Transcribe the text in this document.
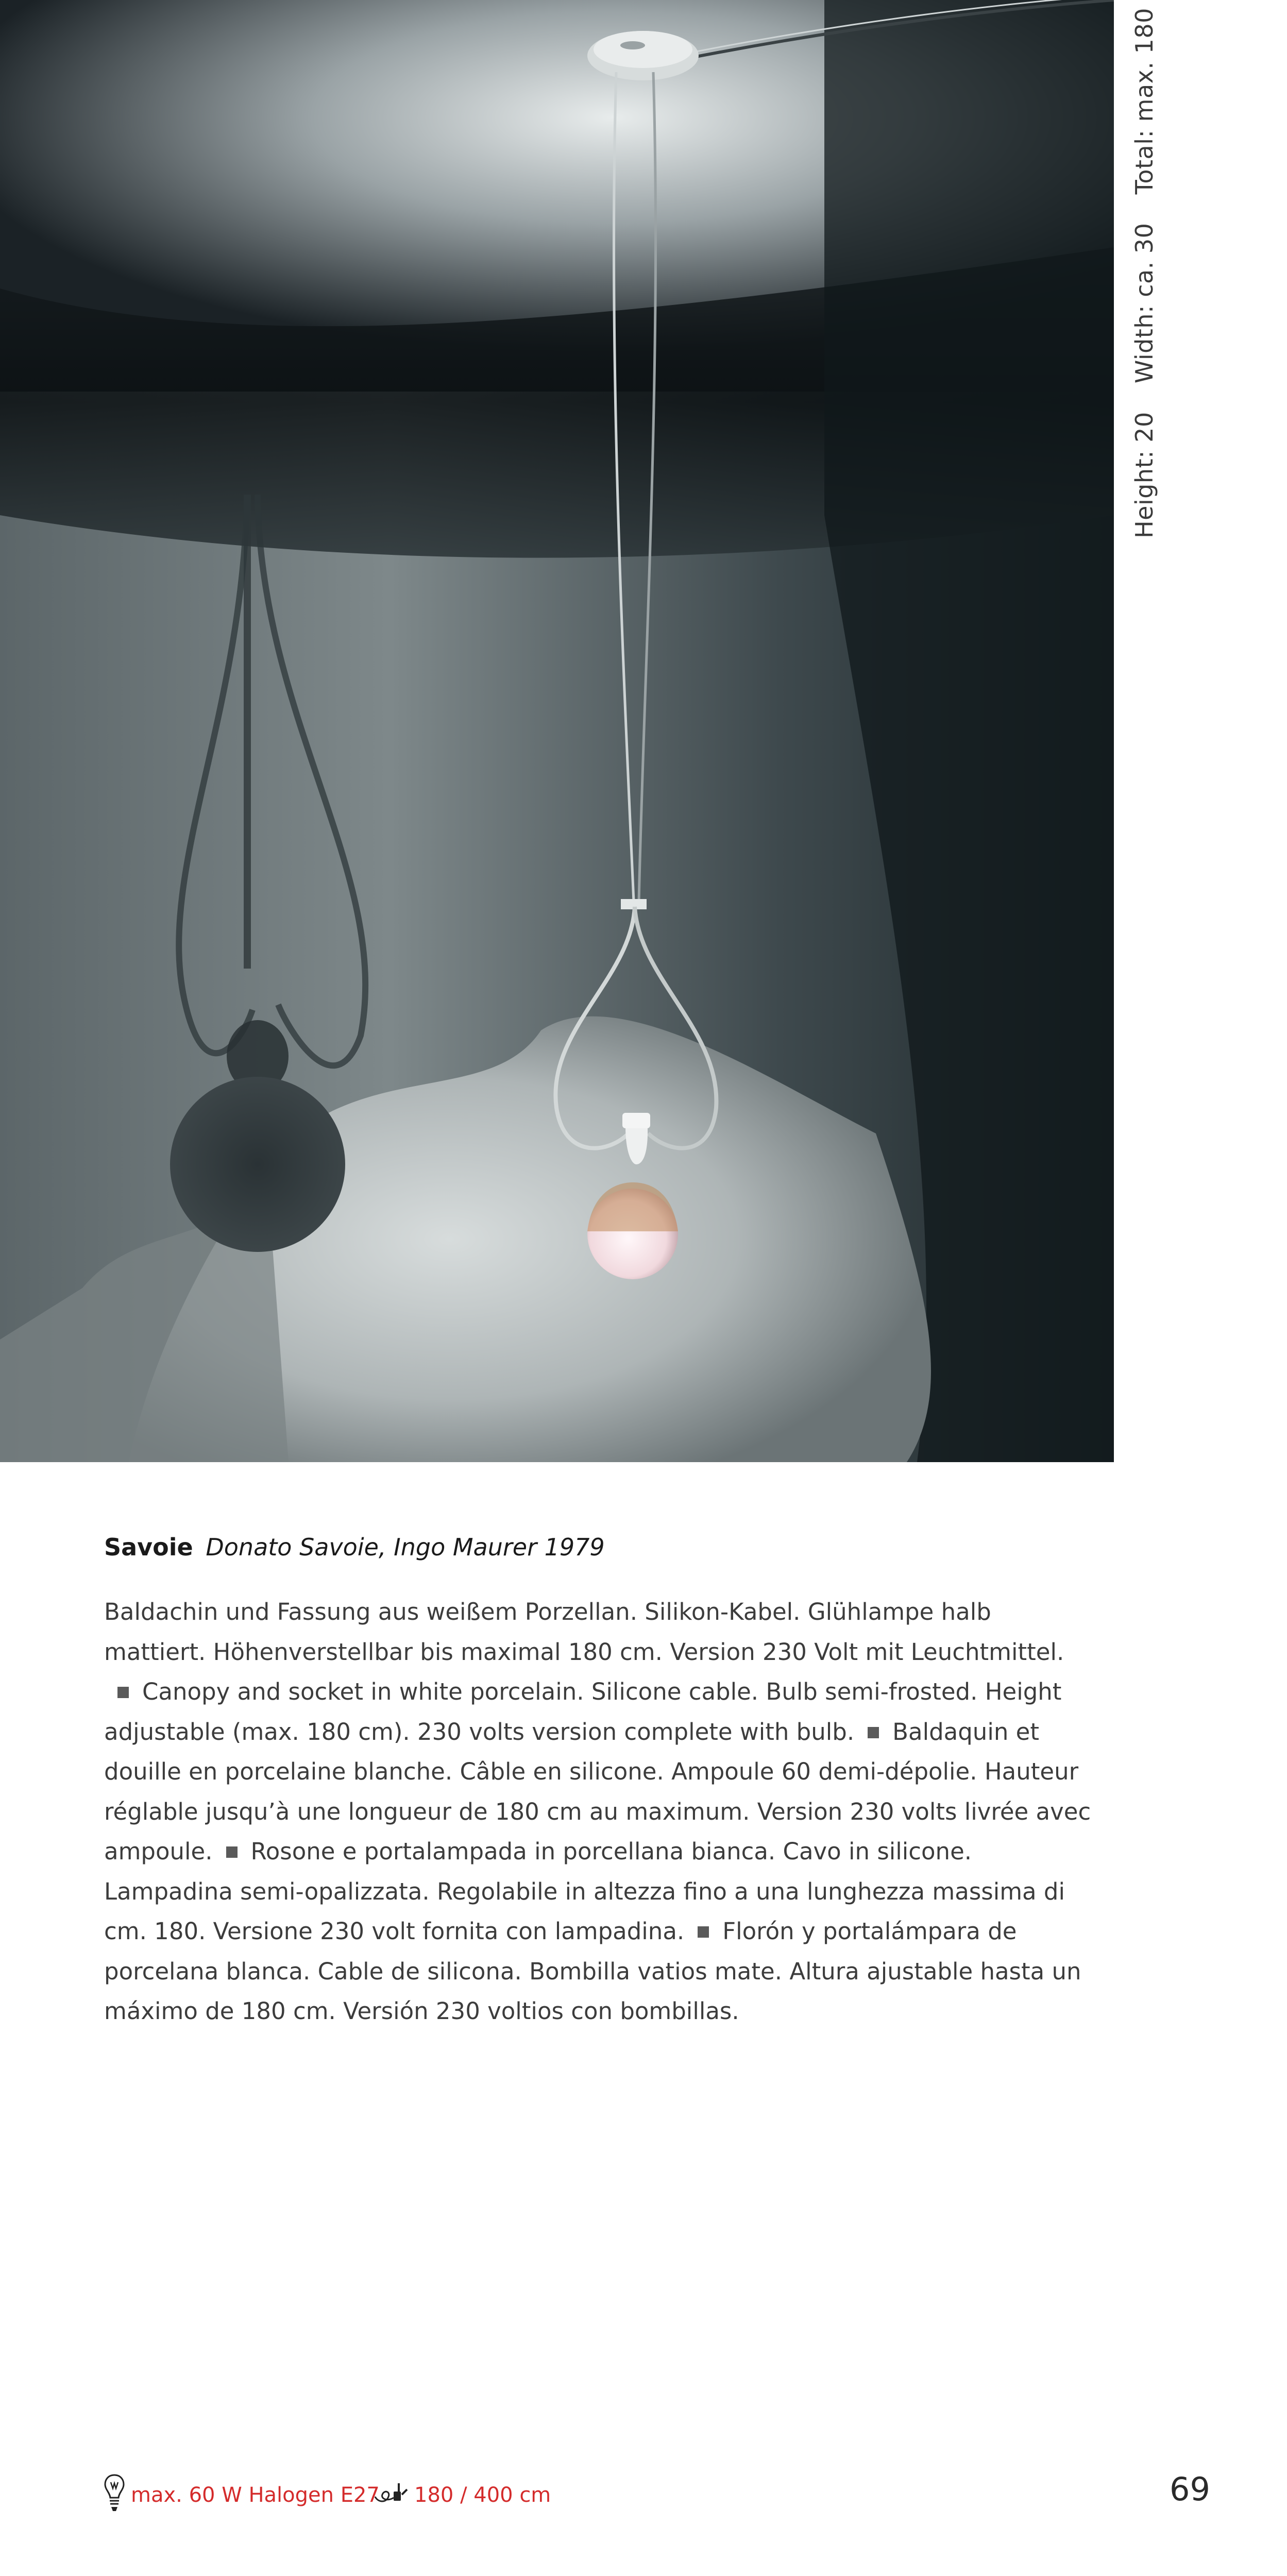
Height: 20 Width: ca. 30 Total: max. 180
Savoie Donato Savoie, Ingo Maurer 1979

Baldachin und Fassung aus weißem Porzellan. Silikon-Kabel. Glühlampe halb mattiert. Höhenverstellbar bis maximal 180 cm. Version 230 Volt mit Leuchtmittel.Canopy and socket in white porcelain. Silicone cable. Bulb semi-frosted. Height adjustable (max. 180 cm). 230 volts version complete with bulb. Baldaquin et douille en porcelaine blanche. Câble en silicone. Ampoule 60 demi-dépolie. Hauteur réglable jusqu’à une longueur de 180 cm au maximum. Version 230 volts livrée avec ampoule. Rosone e portalampada in porcellana bianca. Cavo in silicone. Lampadina semi-opalizzata. Regolabile in altezza fino a una lunghezza massima di cm. 180. Versione 230 volt fornita con lampadina. Florón y portalámpara de porcelana blanca. Cable de silicona. Bombilla vatios mate. Altura ajustable hasta un máximo de 180 cm. Versión 230 voltios con bombillas.

max. 60 W Halogen E27 180 / 400 cm	69
